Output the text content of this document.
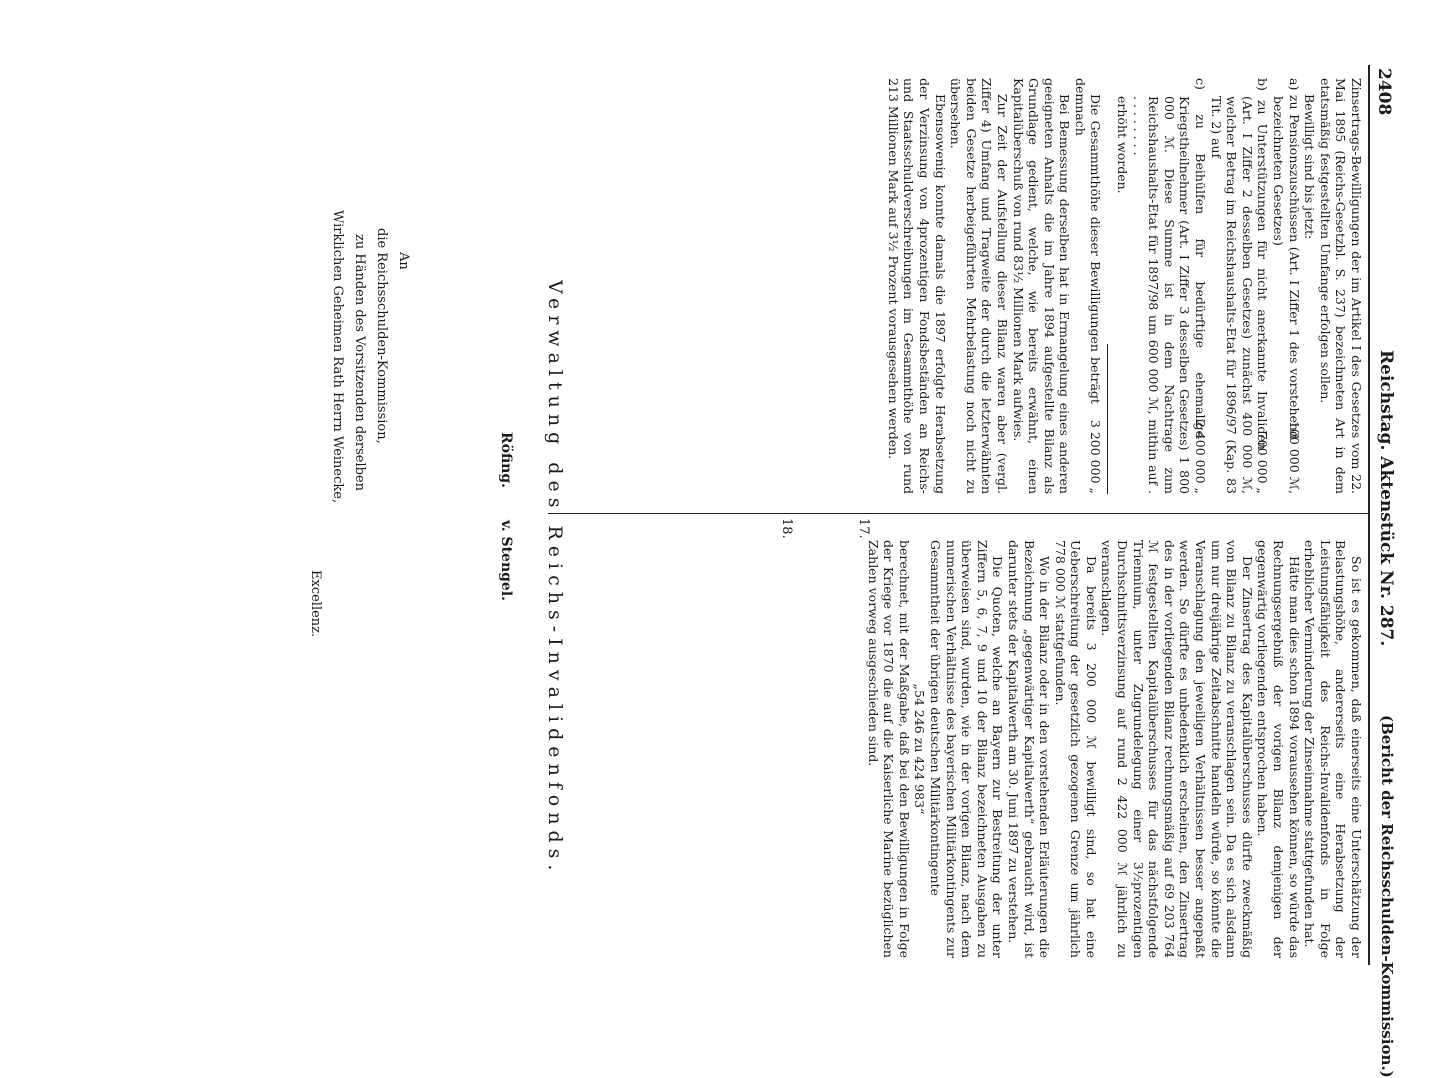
2408
Reichstag. Aktenstück Nr. 287.
(Bericht der Reichsschulden-Kommission.)

Zinsertrags-Bewilligungen der im Artikel I des Gesetzes vom 22. Mai 1895 (Reichs-Gesetzbl. S. 237) bezeichneten Art in dem etatsmäßig festgestellten Umfange erfolgen sollen.

Bewilligt sind bis jetzt:

100 000 ℳ,
a) zu Pensionszuschüssen (Art. I Ziffer 1 des vorstehend bezeichneten Gesetzes)

700 000 „
b) zu Unterstützungen für nicht anerkannte Invaliden (Art. I Ziffer 2 desselben Gesetzes) zunächst 400 000 ℳ, welcher Betrag im Reichshaushalts-Etat für 1896/97 (Kap. 83 Tit. 2) auf

2 400 000 „
c) zu Beihülfen für bedürftige ehemalige Kriegstheilnehmer (Art. I Ziffer 3 desselben Gesetzes) 1 800 000 ℳ. Diese Summe ist in dem Nachtrage zum Reichshaushalts-Etat für 1897/98 um 600 000 ℳ, mithin auf . . . . . . . . .

erhöht worden.

3 200 000 „
Die Gesammthöhe dieser Bewilligungen beträgt demnach

Bei Bemessung derselben hat in Ermangelung eines anderen geeigneten Anhalts die im Jahre 1894 aufgestellte Bilanz als Grundlage gedient, welche, wie bereits erwähnt, einen Kapitalüberschuß von rund 83½ Millionen Mark aufwies.

Zur Zeit der Aufstellung dieser Bilanz waren aber (vergl. Ziffer 4) Umfang und Tragweite der durch die letzterwähnten beiden Gesetze herbeigeführten Mehrbelastung noch nicht zu übersehen.

Ebensowenig konnte damals die 1897 erfolgte Herabsetzung der Verzinsung von 4prozentigen Fondsbeständen an Reichs- und Staatsschuldverschreibungen im Gesammthöhe von rund 213 Millionen Mark auf 3½ Prozent vorausgesehen werden.

So ist es gekommen, daß einerseits eine Unterschätzung der Belastungshöhe, andererseits eine Herabsetzung der Leistungsfähigkeit des Reichs-Invalidenfonds in Folge erheblicher Verminderung der Zinseinnahme stattgefunden hat.

Hätte man dies schon 1894 voraussehen können, so würde das Rechnungsergebniß der vorigen Bilanz demjenigen der gegenwärtig vorliegenden entsprochen haben.

Der Zinsertrag des Kapitalüberschusses dürfte zweckmäßig von Bilanz zu Bilanz zu veranschlagen sein. Da es sich alsdann um nur dreijährige Zeitabschnitte handeln würde, so könnte die Veranschlagung den jeweiligen Verhältnissen besser angepaßt werden. So dürfte es unbedenklich erscheinen, den Zinsertrag des in der vorliegenden Bilanz rechnungsmäßig auf 69 203 764 ℳ festgestellten Kapitalüberschusses für das nächstfolgende Triennium, unter Zugrundelegung einer 3½prozentigen Durchschnittsverzinsung auf rund 2 422 000 ℳ jährlich zu veranschlagen.

Da bereits 3 200 000 ℳ bewilligt sind, so hat eine Ueberschreitung der gesetzlich gezogenen Grenze um jährlich 778 000 ℳ stattgefunden.

Wo in der Bilanz oder in den vorstehenden Erläuterungen die Bezeichnung „gegenwärtiger Kapitalwerth“ gebraucht wird, ist darunter stets der Kapitalwerth am 30. Juni 1897 zu verstehen.

Die Quoten, welche an Bayern zur Bestreitung der unter Ziffern 5, 6, 7, 9 und 10 der Bilanz bezeichneten Ausgaben zu überweisen sind, wurden, wie in der vorigen Bilanz, nach dem numerischen Verhältnisse des bayerischen Militärkontingents zur Gesammtheit der übrigen deutschen Militärkontingente

„54 246 zu 424 983“

berechnet, mit der Maßgabe, daß bei den Bewilligungen in Folge der Kriege vor 1870 die auf die Kaiserliche Marine bezüglichen Zahlen vorweg ausgeschieden sind.

17.
18.
Verwaltung des Reichs-Invalidenfonds.
Röfing.
v. Stengel.
An
die Reichsschulden-Kommission,
zu Händen des Vorsitzenden derselben
Wirklichen Geheimen Rath Herrn Weinecke,
Excellenz.
